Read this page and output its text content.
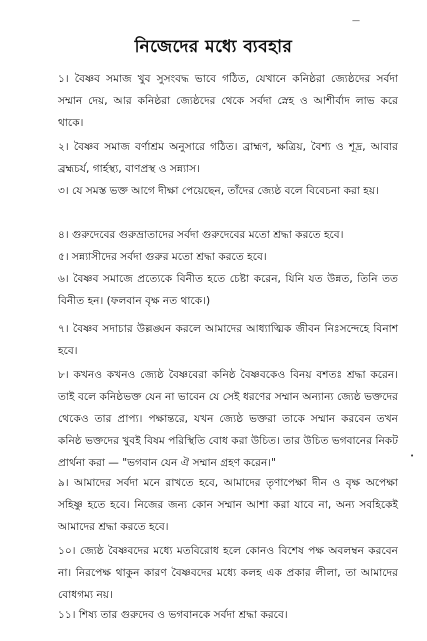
নিজেদের মধ্যে ব্যবহার
১। বৈষ্ণব সমাজ খুব সুসংবদ্ধ ভাবে গঠিত, যেখানে কনিষ্ঠরা জ্যেষ্ঠদের সর্বদা সম্মান দেয়, আর কনিষ্ঠরা জ্যেষ্ঠদের থেকে সর্বদা স্নেহ ও আশীর্বাদ লাভ করে থাকে।
২। বৈষ্ণব সমাজ বর্ণাশ্রম অনুসারে গঠিত। ব্রাহ্মণ, ক্ষত্রিয়, বৈশ্য ও শূদ্র, আবার ব্রহ্মচর্য, গার্হস্থ্য, বাণপ্রস্থ ও সন্ন্যাস।
৩। যে সমস্ত ভক্ত আগে দীক্ষা পেয়েছেন, তাঁদের জ্যেষ্ঠ বলে বিবেচনা করা হয়।
৪। গুরুদেবের গুরুভ্রাতাদের সর্বদা গুরুদেবের মতো শ্রদ্ধা করতে হবে।
৫। সন্ন্যাসীদের সর্বদা গুরুর মতো শ্রদ্ধা করতে হবে।
৬। বৈষ্ণব সমাজে প্রত্যেকে বিনীত হতে চেষ্টা করেন, যিনি যত উন্নত, তিনি তত বিনীত হন। (ফলবান বৃক্ষ নত থাকে।)
৭। বৈষ্ণব সদাচার উল্লঙ্ঘন করলে আমাদের আধ্যাত্মিক জীবন নিঃসন্দেহে বিনাশ হবে।
৮। কখনও কখনও জ্যেষ্ঠ বৈষ্ণবেরা কনিষ্ঠ বৈষ্ণবকেও বিনয় বশতঃ শ্রদ্ধা করেন। তাই বলে কনিষ্ঠভক্ত যেন না ভাবেন যে সেই ধরণের সম্মান অন্যান্য জ্যেষ্ঠ ভক্তদের থেকেও তার প্রাপ্য। পক্ষান্তরে, যখন জ্যেষ্ঠ ভক্তরা তাকে সম্মান করবেন তখন কনিষ্ঠ ভক্তদের খুবই বিষম পরিস্থিতি বোধ করা উচিত। তার উচিত ভগবানের নিকট প্রার্থনা করা — "ভগবান যেন ঐ সম্মান গ্রহণ করেন।"
৯। আমাদের সর্বদা মনে রাখতে হবে, আমাদের তৃণাপেক্ষা দীন ও বৃক্ষ অপেক্ষা সহিষ্ণু হতে হবে। নিজের জন্য কোন সম্মান আশা করা যাবে না, অন্য সবহিকেই আমাদের শ্রদ্ধা করতে হবে।
১০। জ্যেষ্ঠ বৈষ্ণবদের মধ্যে মতবিরোধ হলে কোনও বিশেষ পক্ষ অবলম্বন করবেন না। নিরপেক্ষ থাকুন কারণ বৈষ্ণবদের মধ্যে কলহ এক প্রকার লীলা, তা আমাদের বোধগম্য নয়।
১১। শিষ্য তার গুরুদেব ও ভগবানকে সর্বদা শ্রদ্ধা করবে।
•
—
